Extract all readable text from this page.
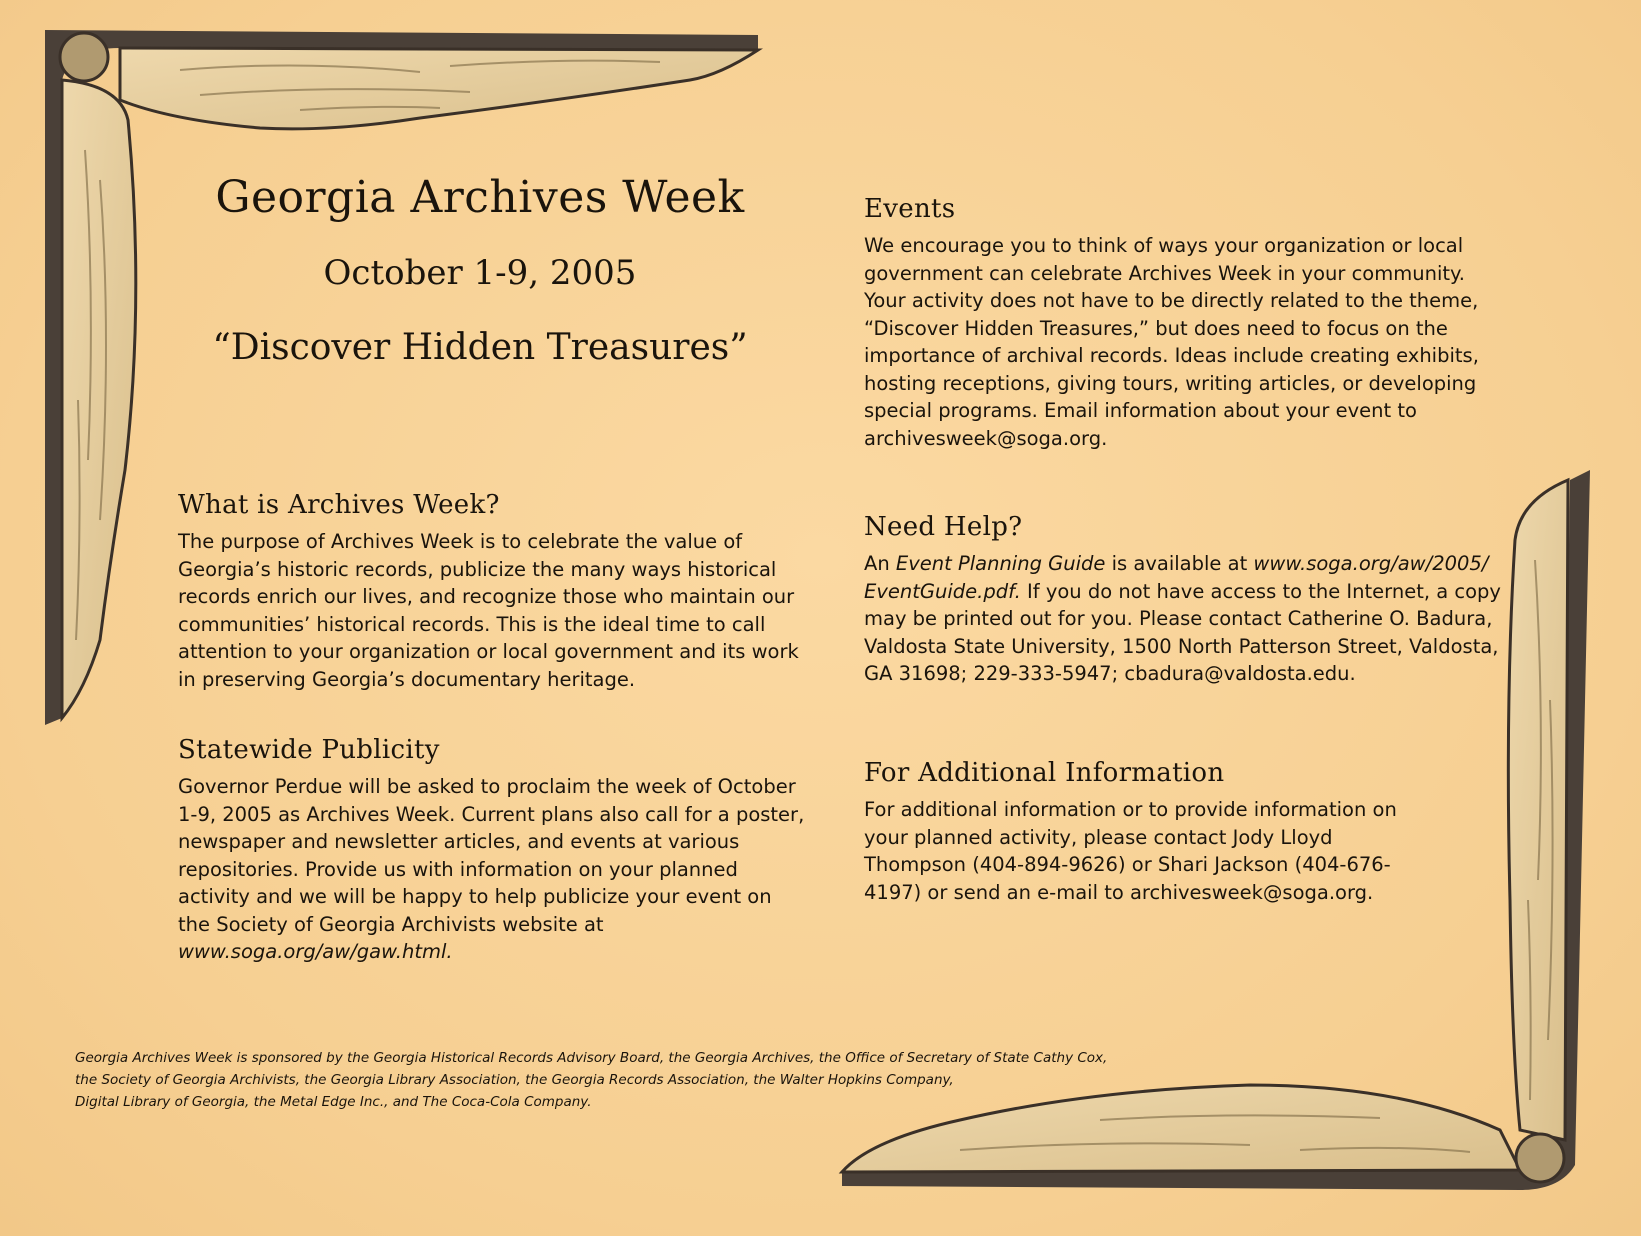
Georgia Archives Week
October 1-9, 2005
“Discover Hidden Treasures”
What is Archives Week?

The purpose of Archives Week is to celebrate the value of Georgia’s historic records, publicize the many ways historical records enrich our lives, and recognize those who maintain our communities’ historical records. This is the ideal time to call attention to your organization or local government and its work in preserving Georgia’s documentary heritage.

Statewide Publicity

Governor Perdue will be asked to proclaim the week of October 1-9, 2005 as Archives Week. Current plans also call for a poster, newspaper and newsletter articles, and events at various repositories. Provide us with information on your planned activity and we will be happy to help publicize your event on the Society of Georgia Archivists website at www.soga.org/aw/gaw.html.

Events

We encourage you to think of ways your organization or local government can celebrate Archives Week in your community. Your activity does not have to be directly related to the theme, “Discover Hidden Treasures,” but does need to focus on the importance of archival records. Ideas include creating exhibits, hosting receptions, giving tours, writing articles, or developing special programs. Email information about your event to archivesweek@soga.org.

Need Help?

An Event Planning Guide is available at www.soga.org/aw/2005/ EventGuide.pdf. If you do not have access to the Internet, a copy may be printed out for you. Please contact Catherine O. Badura, Valdosta State University, 1500 North Patterson Street, Valdosta, GA 31698; 229-333-5947; cbadura@valdosta.edu.

For Additional Information

For additional information or to provide information on your planned activity, please contact Jody Lloyd Thompson (404-894-9626) or Shari Jackson (404-676-4197) or send an e-mail to archivesweek@soga.org.

Georgia Archives Week is sponsored by the Georgia Historical Records Advisory Board, the Georgia Archives, the Office of Secretary of State Cathy Cox,
the Society of Georgia Archivists, the Georgia Library Association, the Georgia Records Association, the Walter Hopkins Company,
Digital Library of Georgia, the Metal Edge Inc., and The Coca-Cola Company.
